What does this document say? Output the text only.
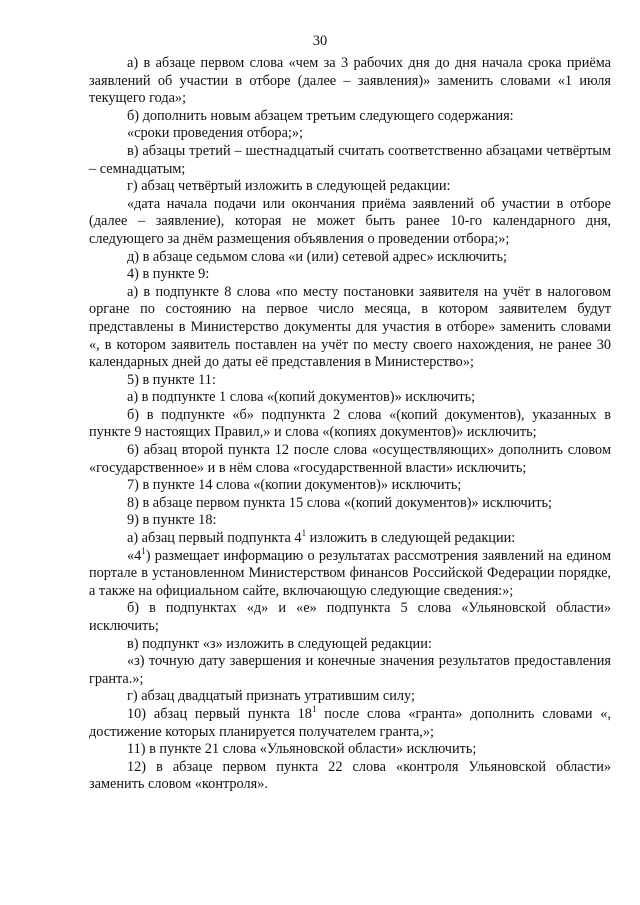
30

а) в абзаце первом слова «чем за 3 рабочих дня до дня начала срока приёма заявлений об участии в отборе (далее – заявления)» заменить словами «1 июля текущего года»;

б) дополнить новым абзацем третьим следующего содержания:

«сроки проведения отбора;»;

в) абзацы третий – шестнадцатый считать соответственно абзацами четвёртым – семнадцатым;

г) абзац четвёртый изложить в следующей редакции:

«дата начала подачи или окончания приёма заявлений об участии в отборе (далее – заявление), которая не может быть ранее 10-го календарного дня, следующего за днём размещения объявления о проведении отбора;»;

д) в абзаце седьмом слова «и (или) сетевой адрес» исключить;

4) в пункте 9:

а) в подпункте 8 слова «по месту постановки заявителя на учёт в налоговом органе по состоянию на первое число месяца, в котором заявителем будут представлены в Министерство документы для участия в отборе» заменить словами «, в котором заявитель поставлен на учёт по месту своего нахождения, не ранее 30 календарных дней до даты её представления в Министерство»;

5) в пункте 11:

а) в подпункте 1 слова «(копий документов)» исключить;

б) в подпункте «б» подпункта 2 слова «(копий документов), указанных в пункте 9 настоящих Правил,» и слова «(копиях документов)» исключить;

6) абзац второй пункта 12 после слова «осуществляющих» дополнить словом «государственное» и в нём слова «государственной власти» исключить;

7) в пункте 14 слова «(копии документов)» исключить;

8) в абзаце первом пункта 15 слова «(копий документов)» исключить;

9) в пункте 18:

а) абзац первый подпункта $4^1$ изложить в следующей редакции:

«$4^1$) размещает информацию о результатах рассмотрения заявлений на едином портале в установленном Министерством финансов Российской Федерации порядке, а также на официальном сайте, включающую следующие сведения:»;

б) в подпунктах «д» и «е» подпункта 5 слова «Ульяновской области» исключить;

в) подпункт «з» изложить в следующей редакции:

«з) точную дату завершения и конечные значения результатов предоставления гранта.»;

г) абзац двадцатый признать утратившим силу;

10) абзац первый пункта $18^1$ после слова «гранта» дополнить словами «, достижение которых планируется получателем гранта,»;

11) в пункте 21 слова «Ульяновской области» исключить;

12) в абзаце первом пункта 22 слова «контроля Ульяновской области» заменить словом «контроля».
